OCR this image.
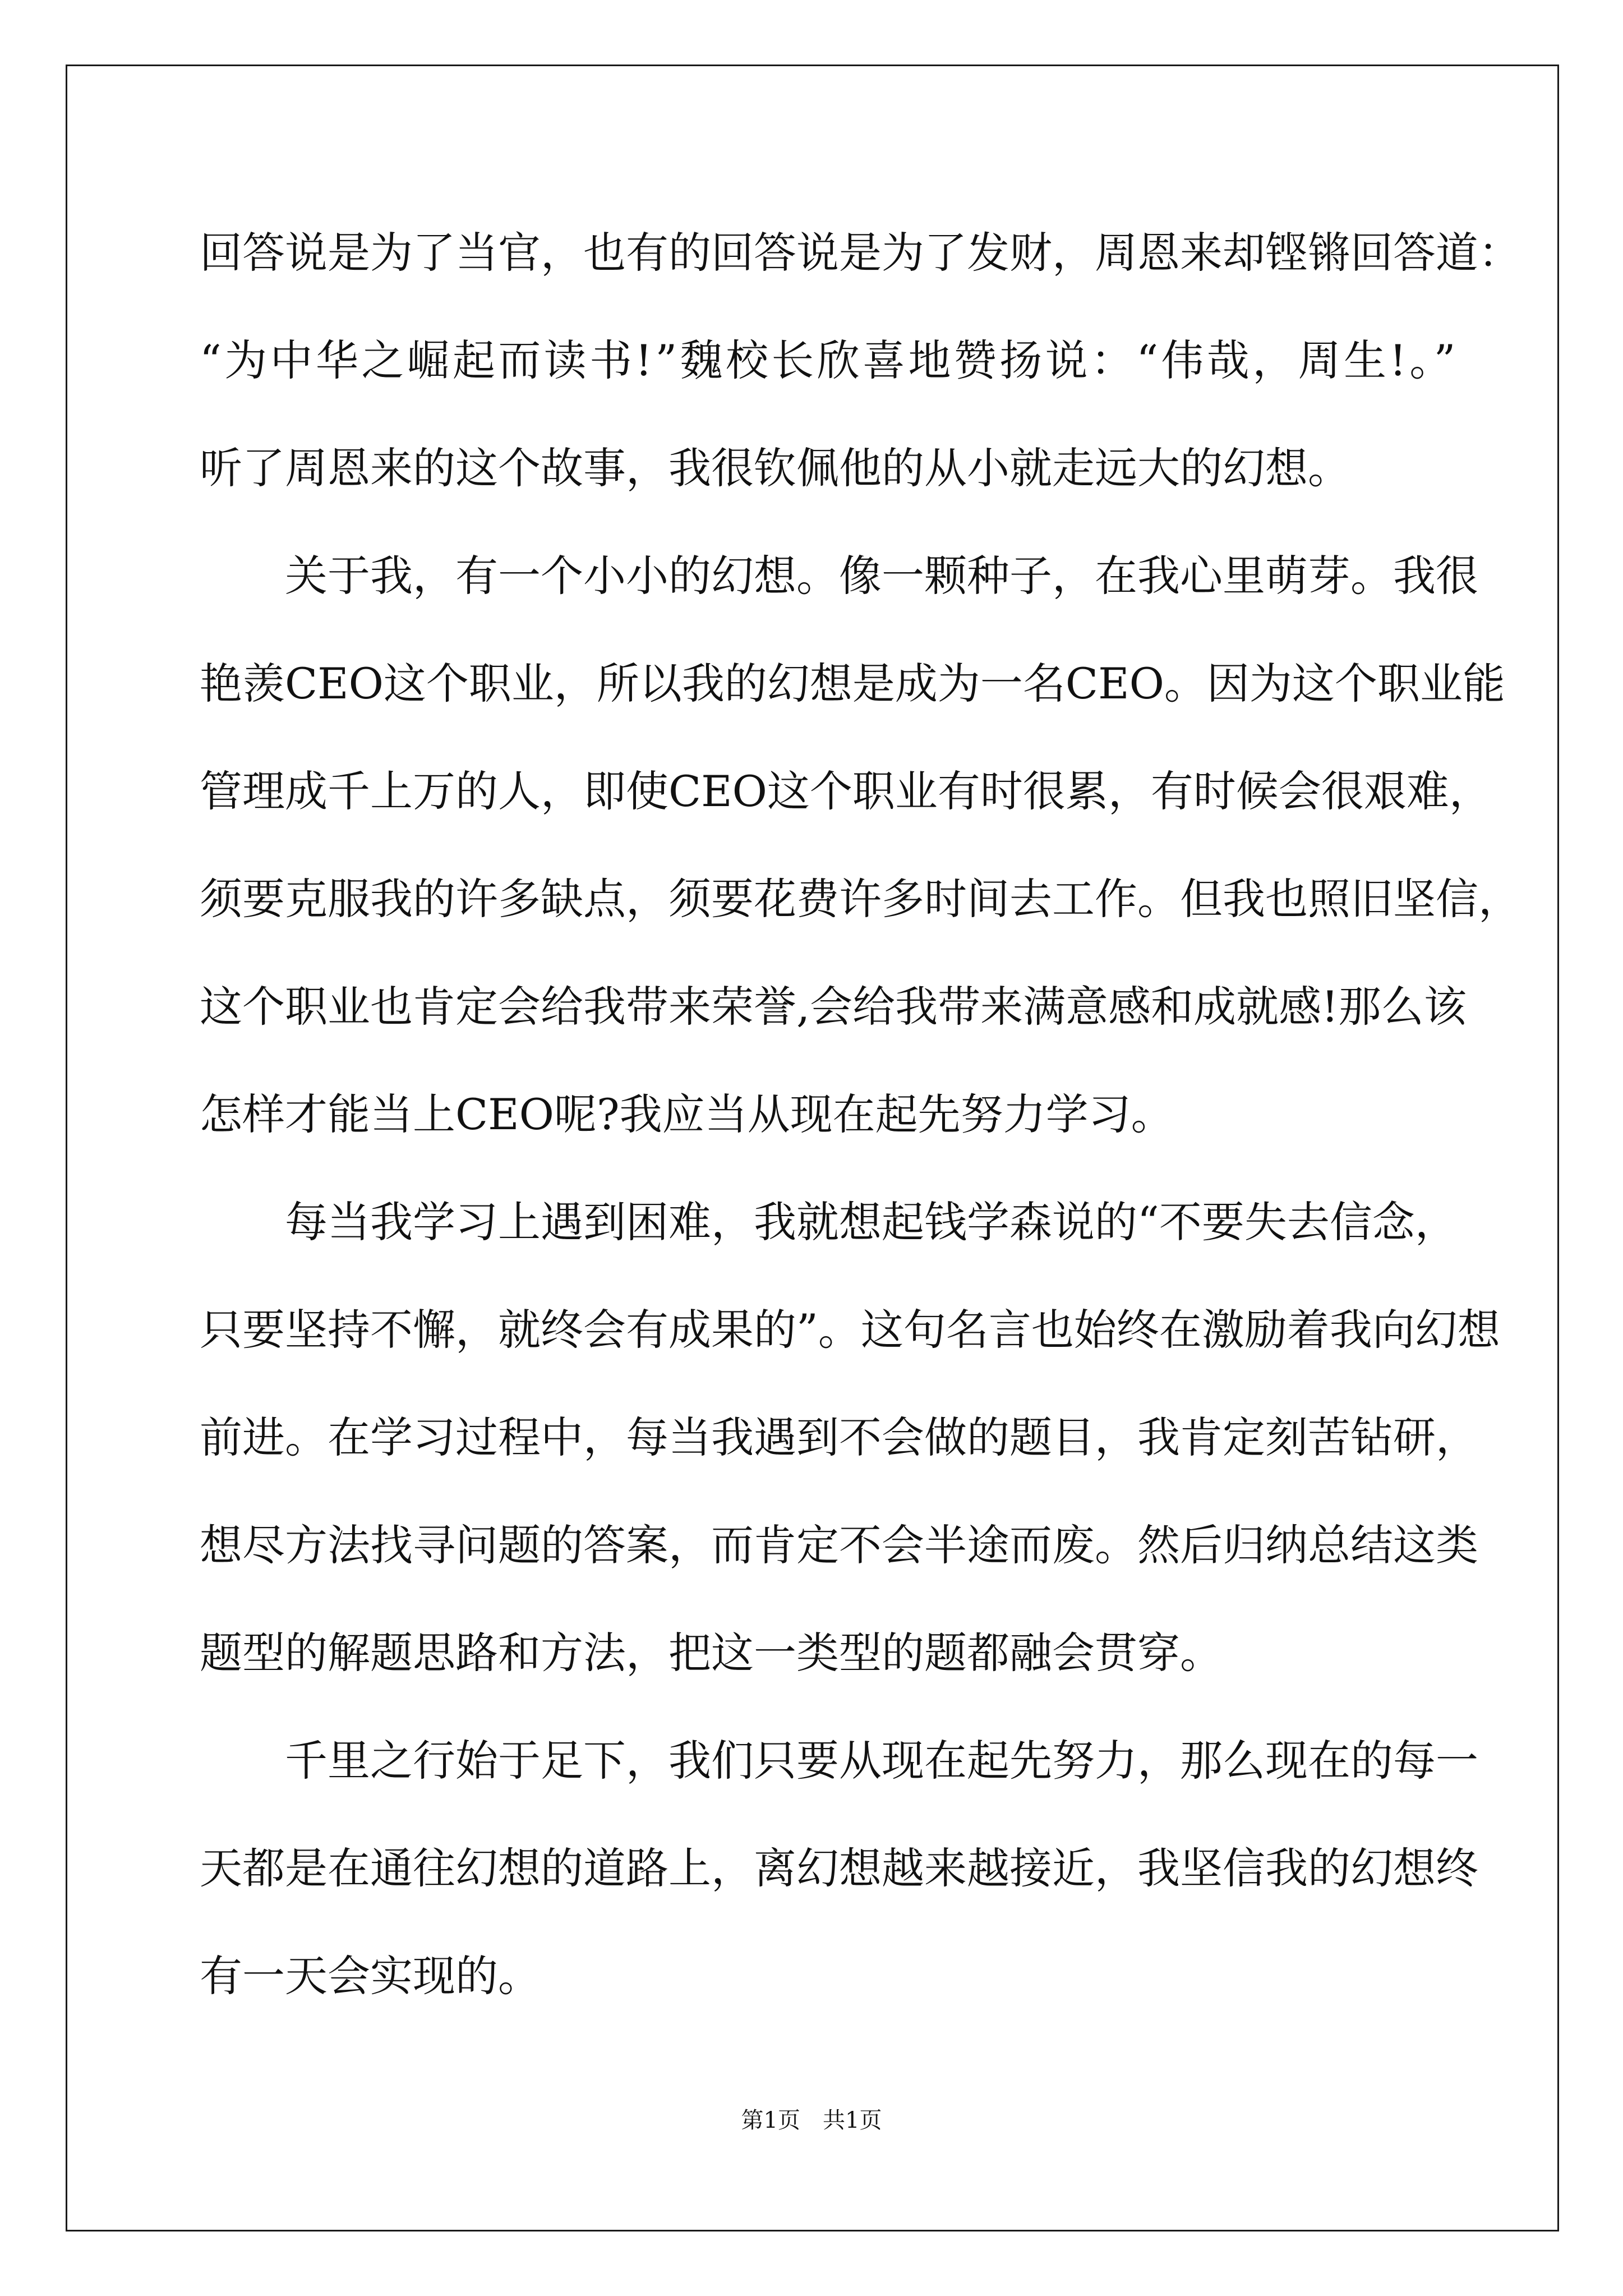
回答说是为了当官，也有的回答说是为了发财，周恩来却铿锵回答道：
“为中华之崛起而读书!”魏校长欣喜地赞扬说：“伟哉，周生!。”
听了周恩来的这个故事，我很钦佩他的从小就走远大的幻想。
关于我，有一个小小的幻想。像一颗种子，在我心里萌芽。我很
艳羡CEO这个职业，所以我的幻想是成为一名CEO。因为这个职业能
管理成千上万的人，即使CEO这个职业有时很累，有时候会很艰难，
须要克服我的许多缺点，须要花费许多时间去工作。但我也照旧坚信，
这个职业也肯定会给我带来荣誉,会给我带来满意感和成就感!那么该
怎样才能当上CEO呢?我应当从现在起先努力学习。
每当我学习上遇到困难，我就想起钱学森说的“不要失去信念，
只要坚持不懈，就终会有成果的”。这句名言也始终在激励着我向幻想
前进。在学习过程中，每当我遇到不会做的题目，我肯定刻苦钻研，
想尽方法找寻问题的答案，而肯定不会半途而废。然后归纳总结这类
题型的解题思路和方法，把这一类型的题都融会贯穿。
千里之行始于足下，我们只要从现在起先努力，那么现在的每一
天都是在通往幻想的道路上，离幻想越来越接近，我坚信我的幻想终
有一天会实现的。
第1页　共1页
